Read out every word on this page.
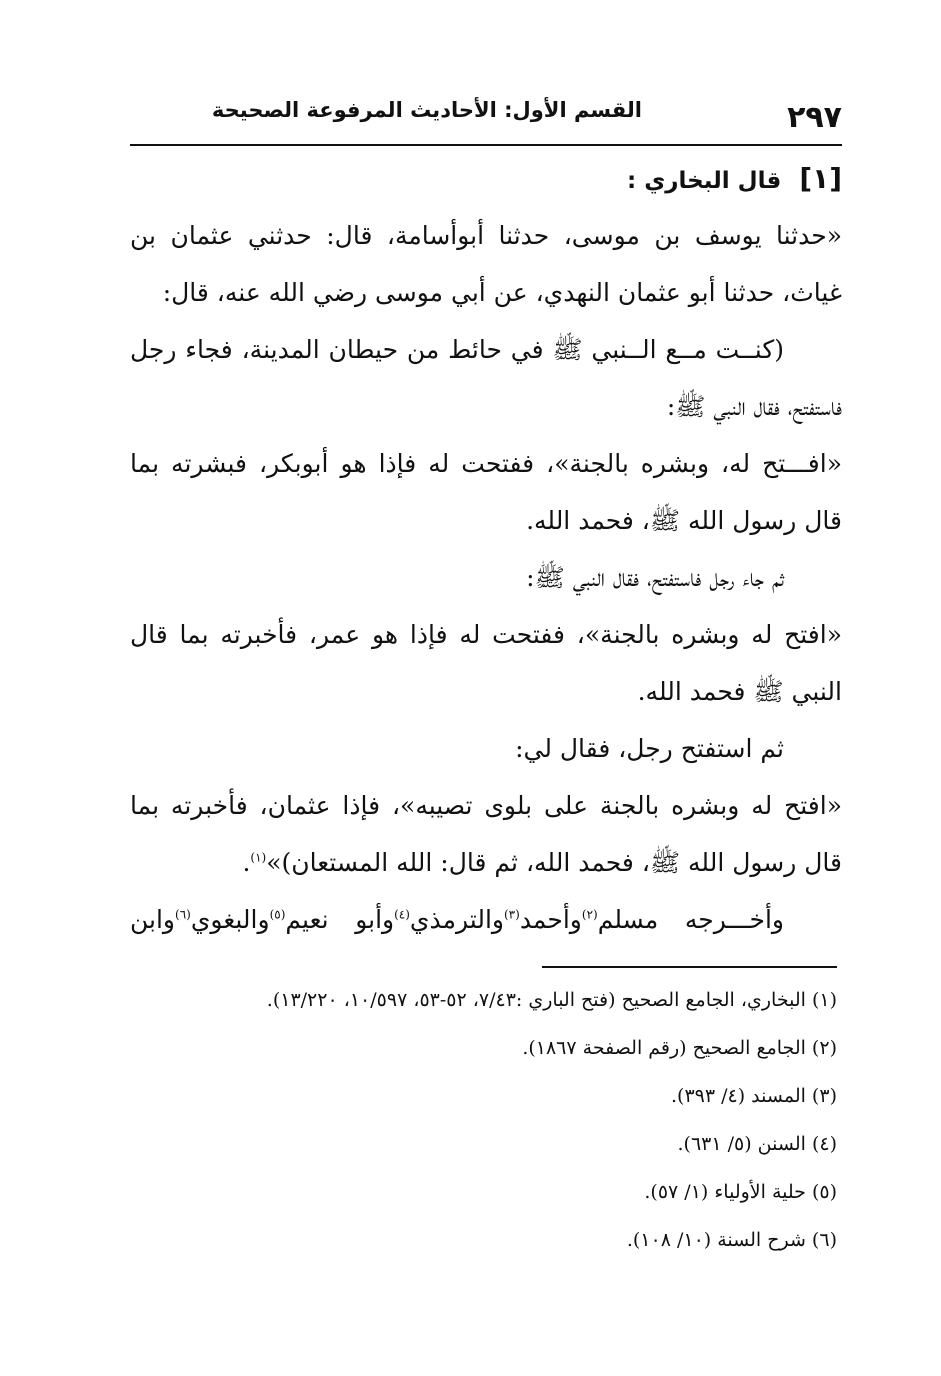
٢٩٧
القسم الأول: الأحاديث المرفوعة الصحيحة
[١]قال البخاري :
«حدثنا يوسف بن موسى، حدثنا أبوأسامة، قال: حدثني عثمان بن
غياث، حدثنا أبو عثمان النهدي، عن أبي موسى رضي الله عنه، قال:
(كنــت مــع الــنبي ﷺ في حائط من حيطان المدينة، فجاء رجل
فاستفتح، فقال النبي ﷺ:
«افـــتح له، وبشره بالجنة»، ففتحت له فإذا هو أبوبكر، فبشرته بما
قال رسول الله ﷺ، فحمد الله.
ثم جاء رجل فاستفتح، فقال النبي ﷺ:
«افتح له وبشره بالجنة»، ففتحت له فإذا هو عمر، فأخبرته بما قال
النبي ﷺ فحمد الله.
ثم استفتح رجل، فقال لي:
«افتح له وبشره بالجنة على بلوى تصيبه»، فإذا عثمان، فأخبرته بما
قال رسول الله ﷺ، فحمد الله، ثم قال: الله المستعان)»$^{(١)}$.
وأخـــرجه مسلم$^{(٢)}$وأحمد$^{(٣)}$والترمذي$^{(٤)}$وأبو نعيم$^{(٥)}$والبغوي$^{(٦)}$وابن
(١) البخاري، الجامع الصحيح (فتح الباري :٧/٤٣، ٥٢-٥٣، ١٠/٥٩٧، ١٣/٢٢٠).
(٢) الجامع الصحيح (رقم الصفحة ١٨٦٧).
(٣) المسند (٤/ ٣٩٣).
(٤) السنن (٥/ ٦٣١).
(٥) حلية الأولياء (١/ ٥٧).
(٦) شرح السنة (١٠/ ١٠٨).
